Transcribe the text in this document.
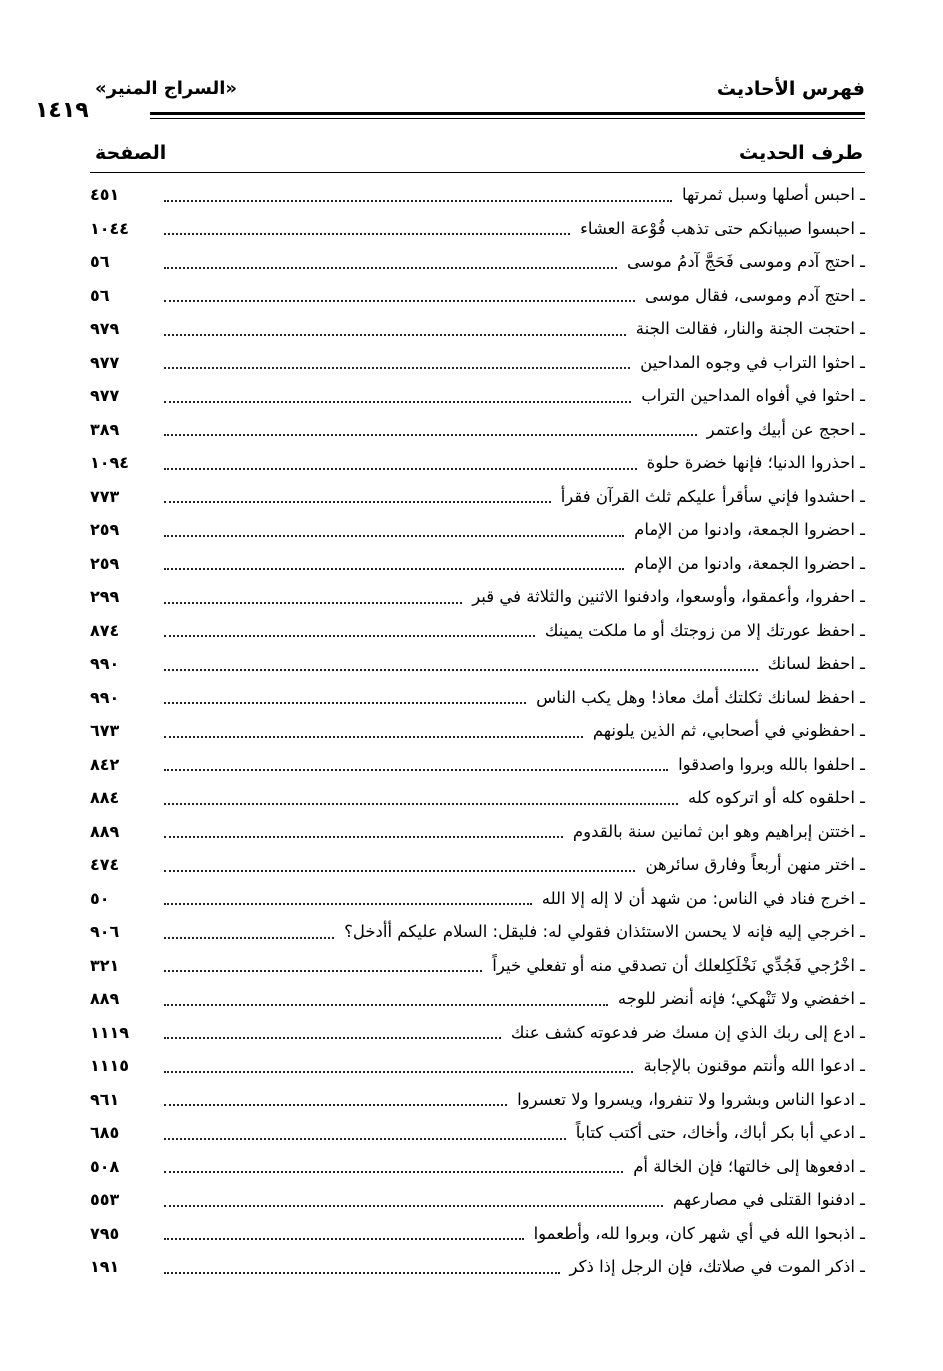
فهرس الأحاديث
«السراج المنير»
١٤١٩
طرف الحديث
الصفحة
ـ احبس أصلها وسبل ثمرتها
٤٥١
ـ احبسوا صبيانكم حتى تذهب فُوْعة العشاء
١٠٤٤
ـ احتج آدم وموسى فَحَجَّ آدمُ موسى
٥٦
ـ احتج آدم وموسى، فقال موسى
٥٦
ـ احتجت الجنة والنار، فقالت الجنة
٩٧٩
ـ احثوا التراب في وجوه المداحين
٩٧٧
ـ احثوا في أفواه المداحين التراب
٩٧٧
ـ احجج عن أبيك واعتمر
٣٨٩
ـ احذروا الدنيا؛ فإنها خضرة حلوة
١٠٩٤
ـ احشدوا فإني سأقرأ عليكم ثلث القرآن فقرأ
٧٧٣
ـ احضروا الجمعة، وادنوا من الإمام
٢٥٩
ـ احضروا الجمعة، وادنوا من الإمام
٢٥٩
ـ احفروا، وأعمقوا، وأوسعوا، وادفنوا الاثنين والثلاثة في قبر
٢٩٩
ـ احفظ عورتك إلا من زوجتك أو ما ملكت يمينك
٨٧٤
ـ احفظ لسانك
٩٩٠
ـ احفظ لسانك ثكلتك أمك معاذ! وهل يكب الناس
٩٩٠
ـ احفظوني في أصحابي، ثم الذين يلونهم
٦٧٣
ـ احلفوا بالله وبروا واصدقوا
٨٤٢
ـ احلقوه كله أو اتركوه كله
٨٨٤
ـ اختتن إبراهيم وهو ابن ثمانين سنة بالقدوم
٨٨٩
ـ اختر منهن أربعاً وفارق سائرهن
٤٧٤
ـ اخرج فناد في الناس: من شهد أن لا إله إلا الله
٥٠
ـ اخرجي إليه فإنه لا يحسن الاستئذان فقولي له: فليقل: السلام عليكم أأدخل؟
٩٠٦
ـ اخْرُجي فَجُدِّي نَخْلَكِلعلك أن تصدقي منه أو تفعلي خيراً
٣٢١
ـ اخفضي ولا تَنْهكي؛ فإنه أنضر للوجه
٨٨٩
ـ ادع إلى ربك الذي إن مسك ضر فدعوته كشف عنك
١١١٩
ـ ادعوا الله وأنتم موقنون بالإجابة
١١١٥
ـ ادعوا الناس وبشروا ولا تنفروا، ويسروا ولا تعسروا
٩٦١
ـ ادعي أبا بكر أباك، وأخاك، حتى أكتب كتاباً
٦٨٥
ـ ادفعوها إلى خالتها؛ فإن الخالة أم
٥٠٨
ـ ادفنوا القتلى في مصارعهم
٥٥٣
ـ اذبحوا الله في أي شهر كان، وبروا لله، وأطعموا
٧٩٥
ـ اذكر الموت في صلاتك، فإن الرجل إذا ذكر
١٩١
